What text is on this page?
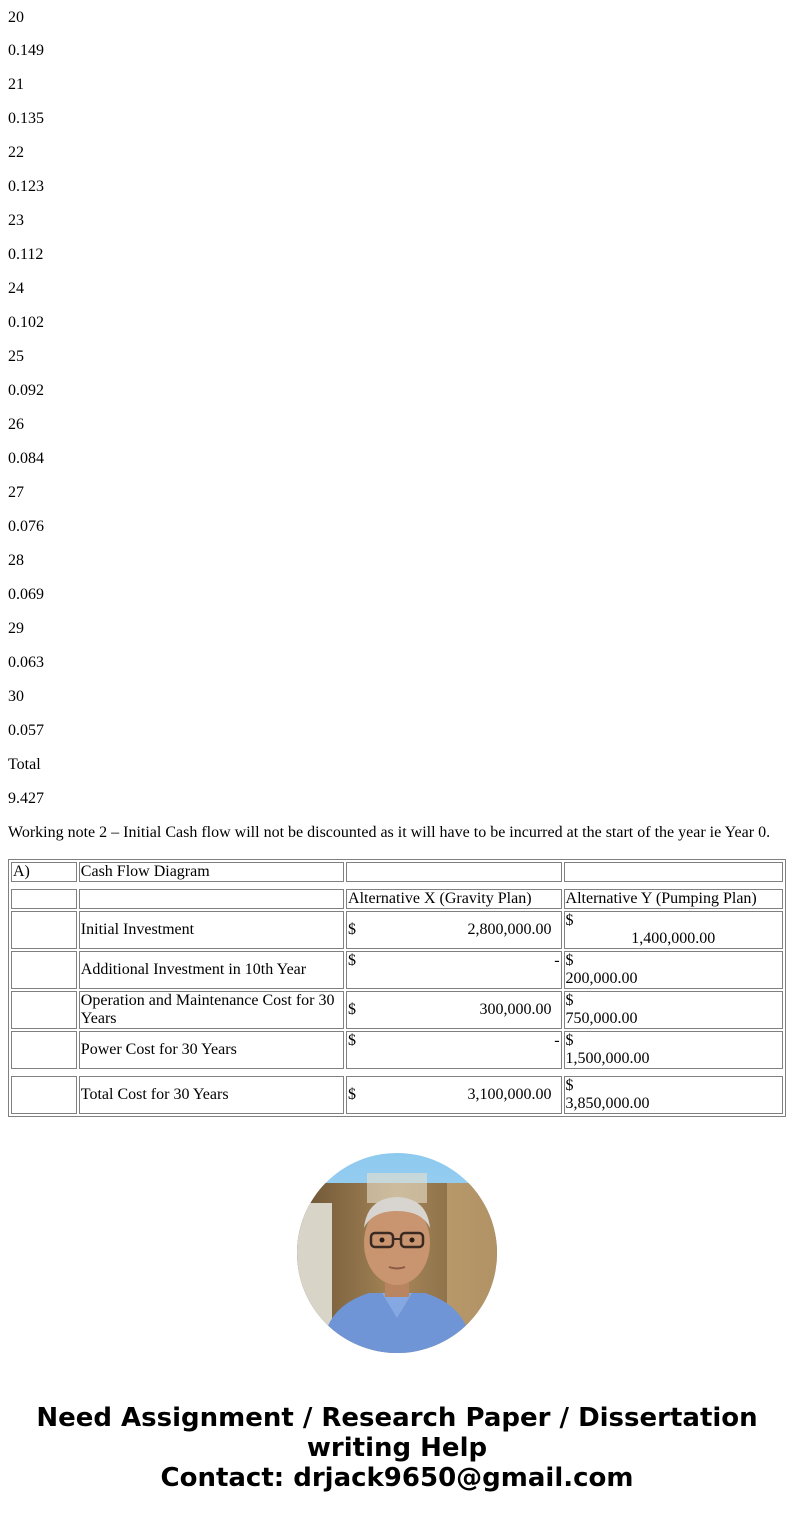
20

0.149

21

0.135

22

0.123

23

0.112

24

0.102

25

0.092

26

0.084

27

0.076

28

0.069

29

0.063

30

0.057

Total

9.427

Working note 2 – Initial Cash flow will not be discounted as it will have to be incurred at the start of the year ie Year 0.

A)	Cash Flow Diagram		

		Alternative X (Gravity Plan)	Alternative Y (Pumping Plan)
	Initial Investment	$ 2,800,000.00	$

1,400,000.00

	Additional Investment in 10th Year	$ -	$
200,000.00
	Operation and Maintenance Cost for 30 Years	$ 300,000.00	$
750,000.00
	Power Cost for 30 Years	$ -	$
1,500,000.00

	Total Cost for 30 Years	$ 3,100,000.00	$
3,850,000.00
Need Assignment / Research Paper / Dissertation
writing Help
Contact: drjack9650@gmail.com
